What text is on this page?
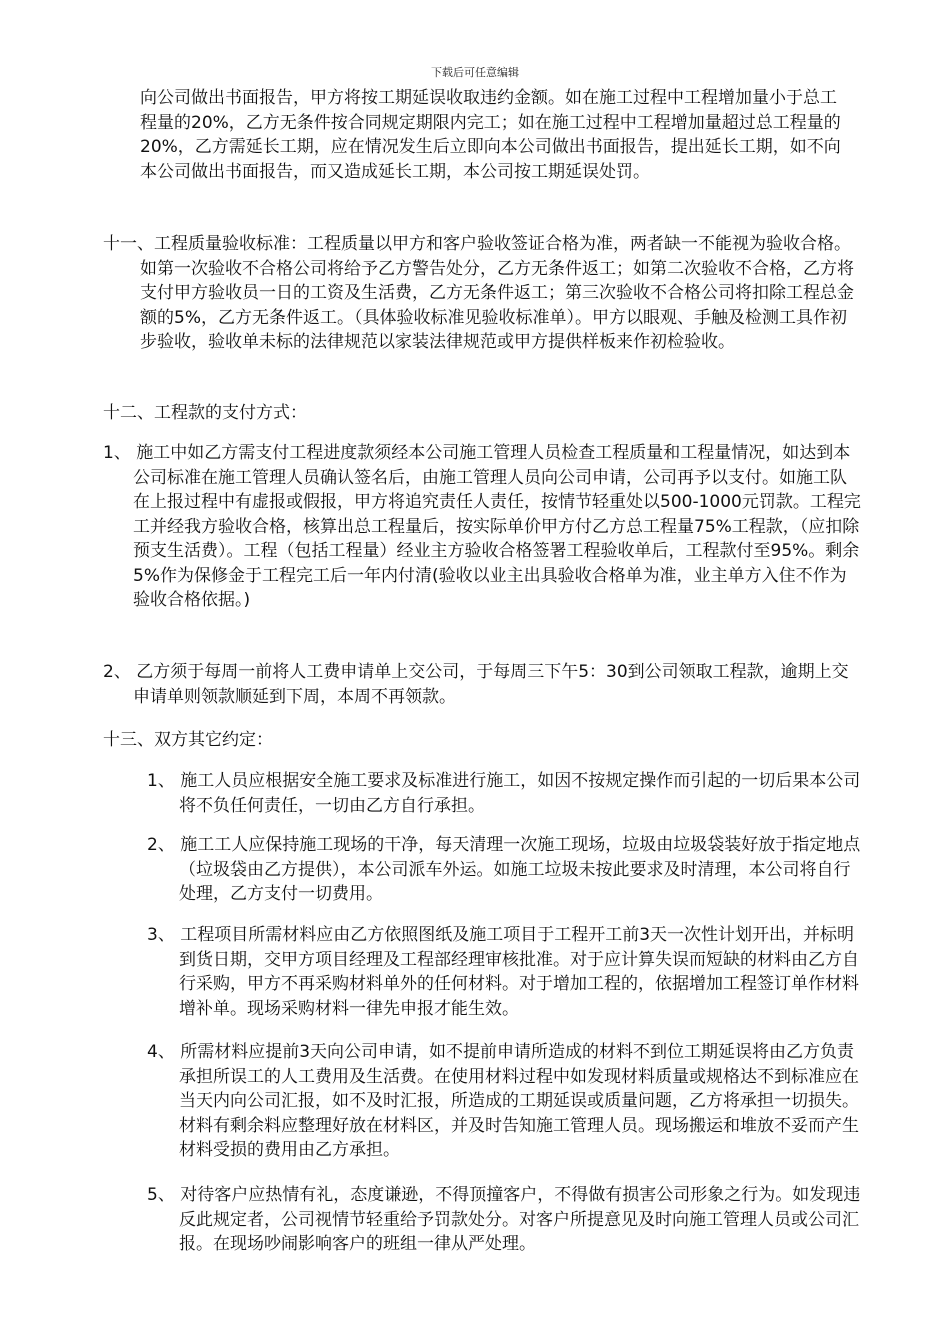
下载后可任意编辑

向公司做出书面报告，甲方将按工期延误收取违约金额。如在施工过程中工程增加量小于总工程量的20%，乙方无条件按合同规定期限内完工；如在施工过程中工程增加量超过总工程量的20%，乙方需延长工期，应在情况发生后立即向本公司做出书面报告，提出延长工期，如不向本公司做出书面报告，而又造成延长工期，本公司按工期延误处罚。

十一、工程质量验收标准：工程质量以甲方和客户验收签证合格为准，两者缺一不能视为验收合格。如第一次验收不合格公司将给予乙方警告处分，乙方无条件返工；如第二次验收不合格，乙方将支付甲方验收员一日的工资及生活费，乙方无条件返工；第三次验收不合格公司将扣除工程总金额的5%，乙方无条件返工。（具体验收标准见验收标准单）。甲方以眼观、手触及检测工具作初步验收，验收单未标的法律规范以家装法律规范或甲方提供样板来作初检验收。

十二、工程款的支付方式：

1、 施工中如乙方需支付工程进度款须经本公司施工管理人员检查工程质量和工程量情况，如达到本公司标准在施工管理人员确认签名后，由施工管理人员向公司申请，公司再予以支付。如施工队在上报过程中有虚报或假报，甲方将追究责任人责任，按情节轻重处以500-1000元罚款。工程完工并经我方验收合格，核算出总工程量后，按实际单价甲方付乙方总工程量75%工程款，（应扣除预支生活费）。工程（包括工程量）经业主方验收合格签署工程验收单后，工程款付至95%。剩余5%作为保修金于工程完工后一年内付清(验收以业主出具验收合格单为准，业主单方入住不作为验收合格依据。)

2、 乙方须于每周一前将人工费申请单上交公司，于每周三下午5：30到公司领取工程款，逾期上交申请单则领款顺延到下周，本周不再领款。

十三、双方其它约定：

1、 施工人员应根据安全施工要求及标准进行施工，如因不按规定操作而引起的一切后果本公司将不负任何责任，一切由乙方自行承担。

2、 施工工人应保持施工现场的干净，每天清理一次施工现场，垃圾由垃圾袋装好放于指定地点（垃圾袋由乙方提供），本公司派车外运。如施工垃圾未按此要求及时清理，本公司将自行处理，乙方支付一切费用。

3、 工程项目所需材料应由乙方依照图纸及施工项目于工程开工前3天一次性计划开出，并标明到货日期，交甲方项目经理及工程部经理审核批准。对于应计算失误而短缺的材料由乙方自行采购，甲方不再采购材料单外的任何材料。对于增加工程的，依据增加工程签订单作材料增补单。现场采购材料一律先申报才能生效。

4、 所需材料应提前3天向公司申请，如不提前申请所造成的材料不到位工期延误将由乙方负责承担所误工的人工费用及生活费。在使用材料过程中如发现材料质量或规格达不到标准应在当天内向公司汇报，如不及时汇报，所造成的工期延误或质量问题，乙方将承担一切损失。材料有剩余料应整理好放在材料区，并及时告知施工管理人员。现场搬运和堆放不妥而产生材料受损的费用由乙方承担。

5、 对待客户应热情有礼，态度谦逊，不得顶撞客户，不得做有损害公司形象之行为。如发现违反此规定者，公司视情节轻重给予罚款处分。对客户所提意见及时向施工管理人员或公司汇报。在现场吵闹影响客户的班组一律从严处理。
